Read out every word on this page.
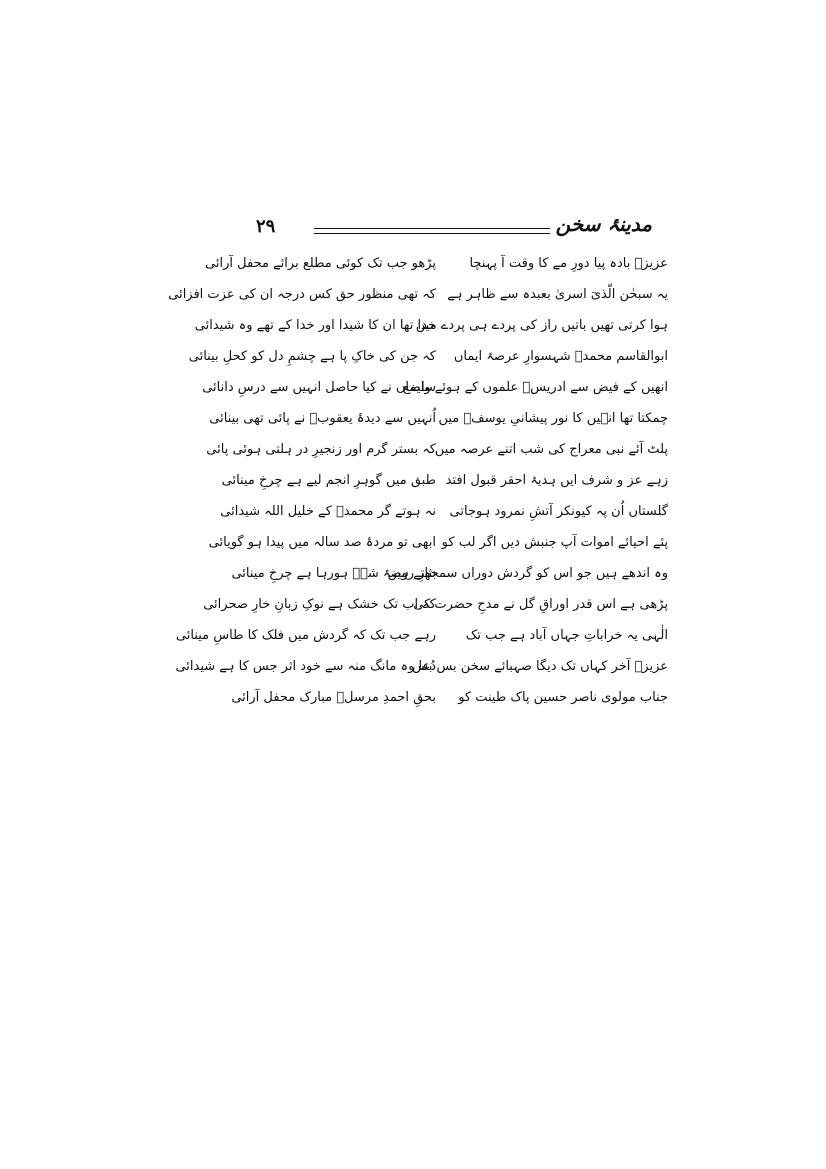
۲۹	مدینۂ سخن
عزیزؔ بادہ پیا دورِ مے کا وقت آ پہنچا
یہ سبحٰن الّذیٓ اسریٰ بعبدہ سے ظاہر ہے
ہوا کرتی تھیں باتیں راز کی پردے ہی پردے میں
ابوالقاسم محمدؐ شہسوارِ عرصۂ ایماں
انھیں کے فیض سے ادریسؑ علموں کے ہوئے واضع
چمکتا تھا انہیں کا نور پیشانیِ یوسفؑ میں
پلٹ آئے نبی معراج کی شب اتنے عرصہ میں
زہے عز و شرف ایں ہدیۂ احقر قبول افتد
گلستاں اُن پہ کیونکر آتشِ نمرود ہوجاتی
پئے احیائے اموات آپ جنبش دیں اگر لب کو
وہ اندھے ہیں جو اس کو گردش دوراں سمجھتے ہیں
پڑھی ہے اس قدر اوراقِ گل نے مدحِ حضرت کی
الٰہی یہ خراباتِ جہاں آباد ہے جب تک
عزیزؔ آخر کہاں تک دیگا صہبائے سخن بس بس
جناب مولوی ناصر حسین پاک طینت کو
پڑھو جب تک کوئی مطلع برائے محفل آرائی
کہ تھی منظور حق کس درجہ ان کی عزت افزائی
خدا تھا ان کا شیدا اور خدا کے تھے وہ شیدائی
کہ جن کی خاکِ پا ہے چشمِ دل کو کحلِ بینائی
سلیماں نے کیا حاصل انہیں سے درسِ دانائی
اُنہیں سے دیدۂ یعقوبؑ نے پائی تھی بینائی
کہ بستر گرم اور زنجیرِ در ہلتی ہوئی پائی
طبق میں گوہرِ انجم لیے ہے چرخِ مینائی
نہ ہوتے گر محمدؐ کے خلیل اللہ شیدائی
ابھی تو مردۂ صد سالہ میں پیدا ہو گویائی
نثارِ روضۂ شہؐ ہورہا ہے چرخِ مینائی
کہ اب تک خشک ہے نوکِ زبانِ خارِ صحرائی
رہے جب تک کہ گردش میں فلک کا طاسِ مینائی
دُعا وہ مانگ منہ سے خود اثر جس کا ہے شیدائی
بحقِ احمدِ مرسلؐ مبارک محفل آرائی
